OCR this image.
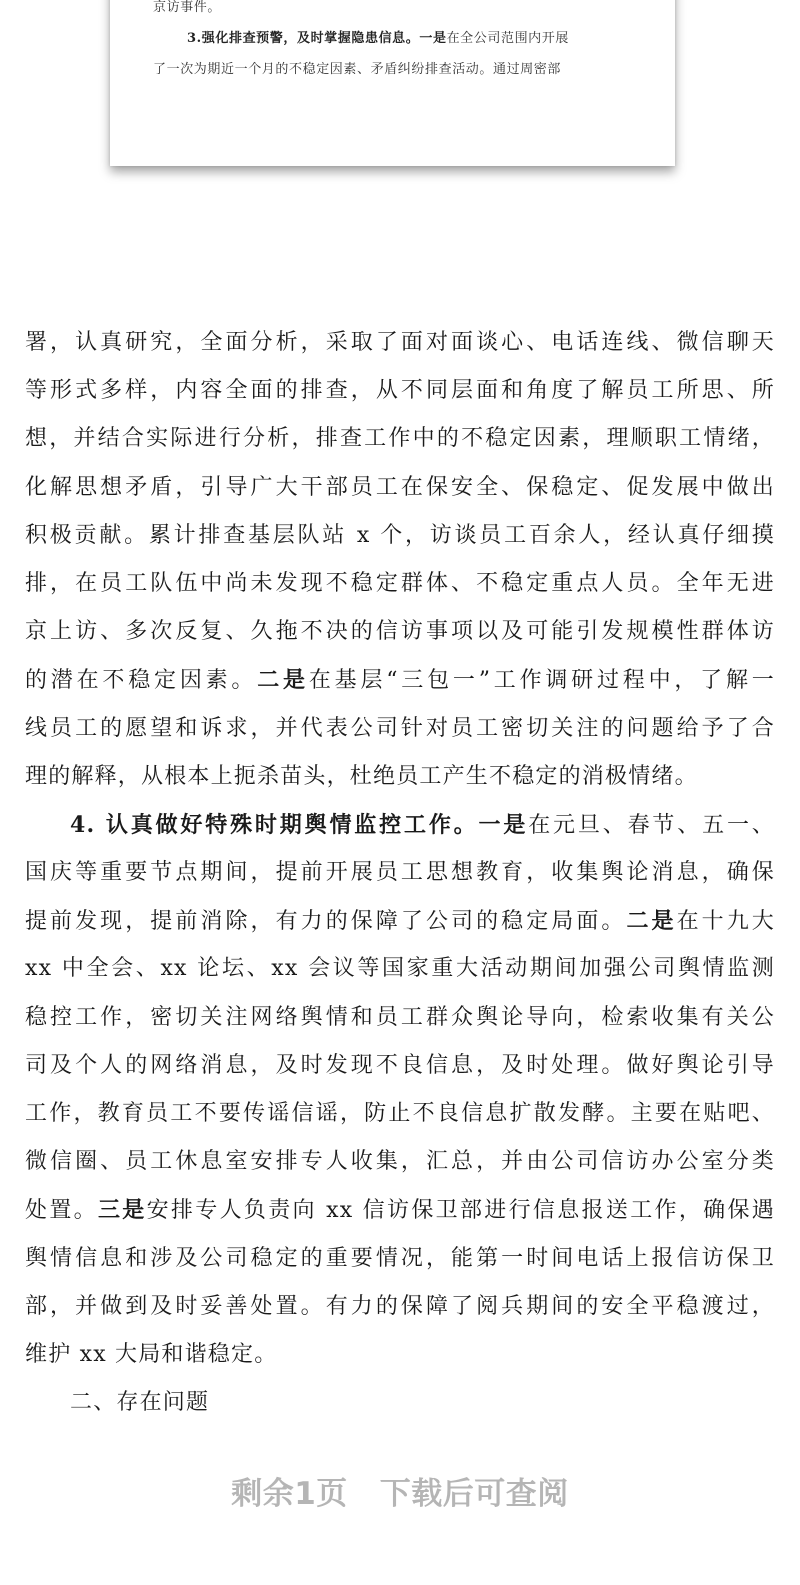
京访事件。
3.强化排查预警，及时掌握隐患信息。一是在全公司范围内开展
了一次为期近一个月的不稳定因素、矛盾纠纷排查活动。通过周密部
署，认真研究，全面分析，采取了面对面谈心、电话连线、微信聊天
等形式多样，内容全面的排查，从不同层面和角度了解员工所思、所
想，并结合实际进行分析，排查工作中的不稳定因素，理顺职工情绪，
化解思想矛盾，引导广大干部员工在保安全、保稳定、促发展中做出
积极贡献。累计排查基层队站 x 个，访谈员工百余人，经认真仔细摸
排，在员工队伍中尚未发现不稳定群体、不稳定重点人员。全年无进
京上访、多次反复、久拖不决的信访事项以及可能引发规模性群体访
的潜在不稳定因素。二是在基层“三包一”工作调研过程中，了解一
线员工的愿望和诉求，并代表公司针对员工密切关注的问题给予了合
理的解释，从根本上扼杀苗头，杜绝员工产生不稳定的消极情绪。
4. 认真做好特殊时期舆情监控工作。一是在元旦、春节、五一、
国庆等重要节点期间，提前开展员工思想教育，收集舆论消息，确保
提前发现，提前消除，有力的保障了公司的稳定局面。二是在十九大
xx 中全会、xx 论坛、xx 会议等国家重大活动期间加强公司舆情监测
稳控工作，密切关注网络舆情和员工群众舆论导向，检索收集有关公
司及个人的网络消息，及时发现不良信息，及时处理。做好舆论引导
工作，教育员工不要传谣信谣，防止不良信息扩散发酵。主要在贴吧、
微信圈、员工休息室安排专人收集，汇总，并由公司信访办公室分类
处置。三是安排专人负责向 xx 信访保卫部进行信息报送工作，确保遇
舆情信息和涉及公司稳定的重要情况，能第一时间电话上报信访保卫
部，并做到及时妥善处置。有力的保障了阅兵期间的安全平稳渡过，
维护 xx 大局和谐稳定。
二、存在问题
剩余1页 下载后可查阅
